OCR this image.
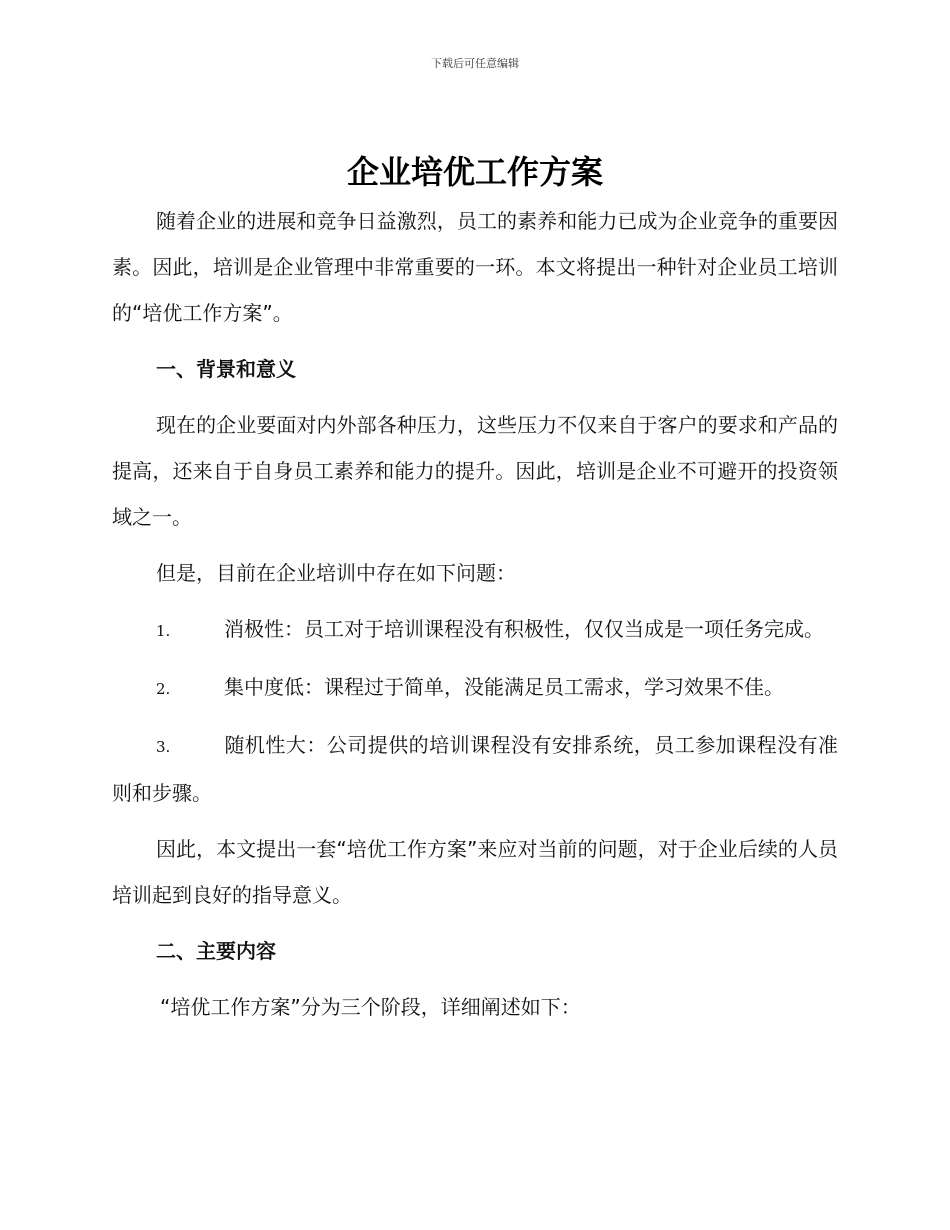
下载后可任意编辑
企业培优工作方案

随着企业的进展和竞争日益激烈，员工的素养和能力已成为企业竞争的重要因素。因此，培训是企业管理中非常重要的一环。本文将提出一种针对企业员工培训的“培优工作方案”。

一、背景和意义

现在的企业要面对内外部各种压力，这些压力不仅来自于客户的要求和产品的提高，还来自于自身员工素养和能力的提升。因此，培训是企业不可避开的投资领域之一。

但是，目前在企业培训中存在如下问题：

1.	消极性：员工对于培训课程没有积极性，仅仅当成是一项任务完成。
2.	集中度低：课程过于简单，没能满足员工需求，学习效果不佳。
3.	随机性大：公司提供的培训课程没有安排系统，员工参加课程没有准则和步骤。

因此，本文提出一套“培优工作方案”来应对当前的问题，对于企业后续的人员培训起到良好的指导意义。

二、主要内容

“培优工作方案”分为三个阶段，详细阐述如下：
